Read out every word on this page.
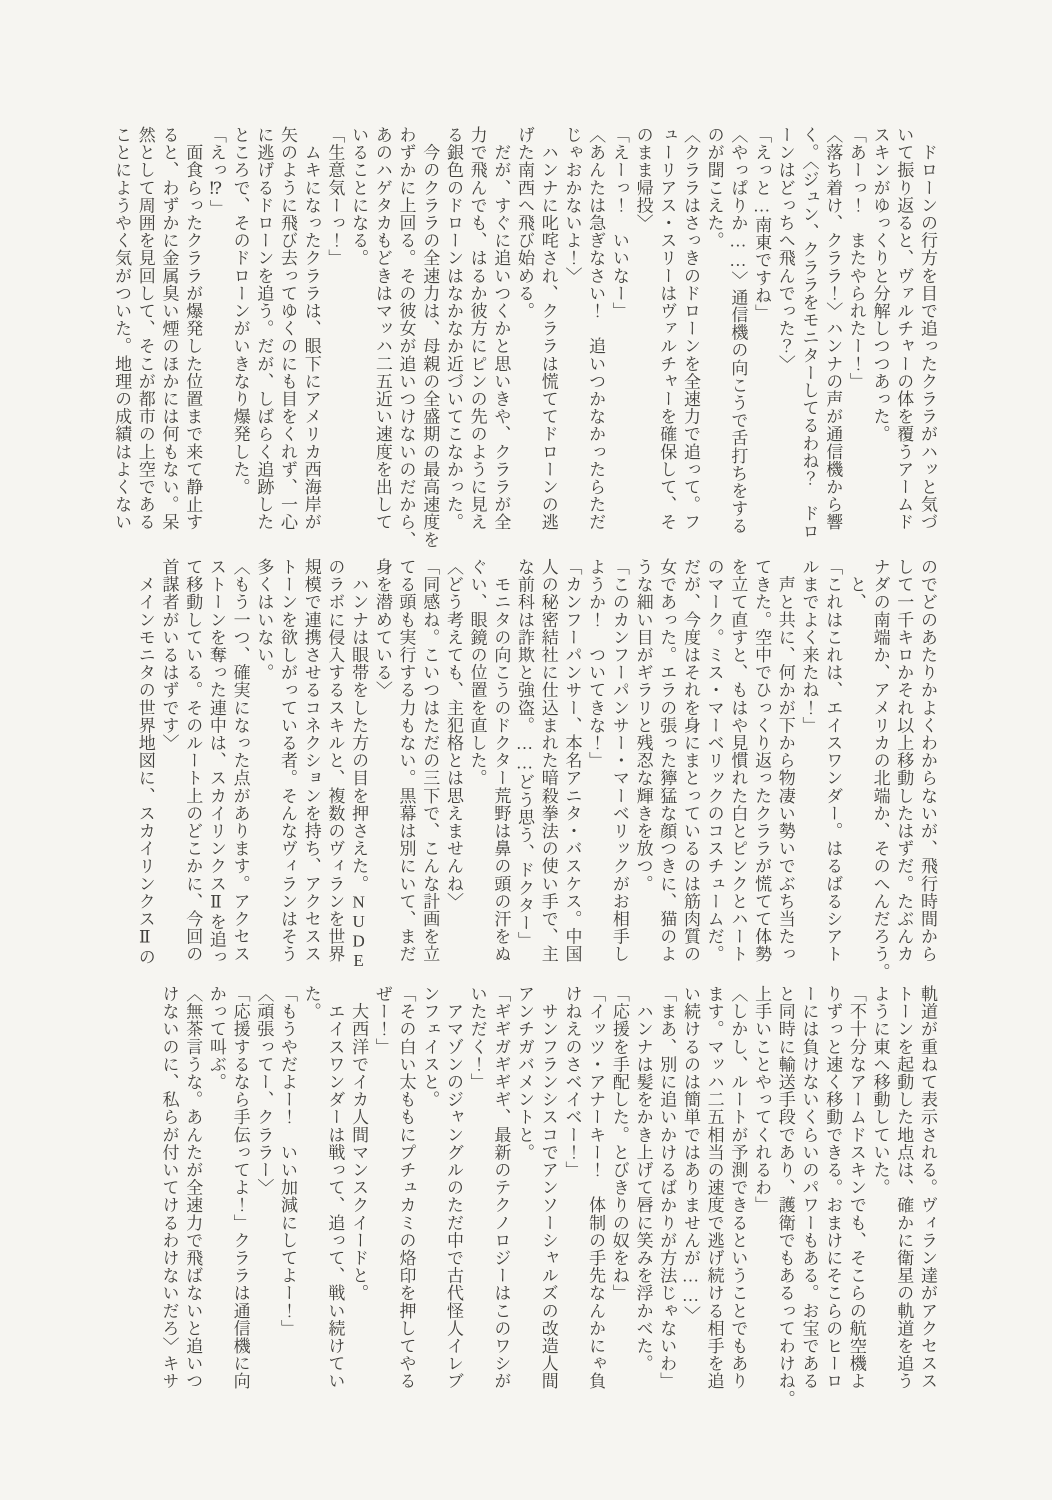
　ドローンの行方を目で追ったクララがハッと気づ

いて振り返ると、ヴァルチャーの体を覆うアームド

スキンがゆっくりと分解しつつあった。

「あーっ！　またやられたー！」

〈落ち着け、クララ！〉ハンナの声が通信機から響

く。〈ジュン、クララをモニターしてるわね？　ドロ

ーンはどっちへ飛んでった？〉

「えっと…南東ですね」

〈やっぱりか……〉通信機の向こうで舌打ちをする

のが聞こえた。

〈クララはさっきのドローンを全速力で追って。フ

ューリアス・スリーはヴァルチャーを確保して、そ

のまま帰投〉

「えーっ！　いいなー」

〈あんたは急ぎなさい！　追いつかなかったらただ

じゃおかないよ！〉

　ハンナに叱咤され、クララは慌ててドローンの逃

げた南西へ飛び始める。

　だが、すぐに追いつくかと思いきや、クララが全

力で飛んでも、はるか彼方にピンの先のように見え

る銀色のドローンはなかなか近づいてこなかった。

　今のクララの全速力は、母親の全盛期の最高速度を

わずかに上回る。その彼女が追いつけないのだから、

あのハゲタカもどきはマッハ二五近い速度を出して

いることになる。

「生意気ーっ！」

　ムキになったクララは、眼下にアメリカ西海岸が

矢のように飛び去ってゆくのにも目をくれず、一心

に逃げるドローンを追う。だが、しばらく追跡した

ところで、そのドローンがいきなり爆発した。

「えっ⁉」

　面食らったクララが爆発した位置まで来て静止す

ると、わずかに金属臭い煙のほかには何もない。呆

然として周囲を見回して、そこが都市の上空である

ことにようやく気がついた。地理の成績はよくない

のでどのあたりかよくわからないが、飛行時間から

して一千キロかそれ以上移動したはずだ。たぶんカ

ナダの南端か、アメリカの北端か、そのへんだろう。

　と、

「これはこれは、エイスワンダー。はるばるシアト

ルまでよく来たね！」

　声と共に、何かが下から物凄い勢いでぶち当たっ

てきた。空中でひっくり返ったクララが慌てて体勢

を立て直すと、もはや見慣れた白とピンクとハート

のマーク。ミス・マーベリックのコスチュームだ。

だが、今度はそれを身にまとっているのは筋肉質の

女であった。エラの張った獰猛な顔つきに、猫のよ

うな細い目がギラリと残忍な輝きを放つ。

「このカンフーパンサー・マーベリックがお相手し

ようか！　ついてきな！」

「カンフーパンサー、本名アニタ・バスケス。中国

人の秘密結社に仕込まれた暗殺拳法の使い手で、主

な前科は詐欺と強盗。……どう思う、ドクター」

　モニタの向こうのドクター荒野は鼻の頭の汗をぬ

ぐい、眼鏡の位置を直した。

〈どう考えても、主犯格とは思えませんね〉

「同感ね。こいつはただの三下で、こんな計画を立

てる頭も実行する力もない。黒幕は別にいて、まだ

身を潜めている〉

　ハンナは眼帯をした方の目を押さえた。NUDE

のラボに侵入するスキルと、複数のヴィランを世界

規模で連携させるコネクションを持ち、アクセスス

トーンを欲しがっている者。そんなヴィランはそう

多くはいない。

〈もう一つ、確実になった点があります。アクセス

ストーンを奪った連中は、スカイリンクスⅡを追っ

て移動している。そのルート上のどこかに、今回の

首謀者がいるはずです〉

　メインモニタの世界地図に、スカイリンクスⅡの

軌道が重ねて表示される。ヴィラン達がアクセスス

トーンを起動した地点は、確かに衛星の軌道を追う

ように東へ移動していた。

「不十分なアームドスキンでも、そこらの航空機よ

りずっと速く移動できる。おまけにそこらのヒーロ

ーには負けないくらいのパワーもある。お宝である

と同時に輸送手段であり、護衛でもあるってわけね。

上手いことやってくれるわ」

〈しかし、ルートが予測できるということでもあり

ます。マッハ二五相当の速度で逃げ続ける相手を追

い続けるのは簡単ではありませんが……〉

「まあ、別に追いかけるばかりが方法じゃないわ」

　ハンナは髪をかき上げて唇に笑みを浮かべた。

「応援を手配した。とびきりの奴をね」

「イッツ・アナーキー！　体制の手先なんかにゃ負

けねえのさベイベー！」

　サンフランシスコでアンソーシャルズの改造人間

アンチガバメントと。

「ギギガギギギ、最新のテクノロジーはこのワシが

いただく！」

　アマゾンのジャングルのただ中で古代怪人イレブ

ンフェイスと。

「その白い太ももにプチュカミの烙印を押してやる

ぜー！」

　大西洋でイカ人間マンスクイードと。

　エイスワンダーは戦って、追って、戦い続けてい

た。

「もうやだよー！　いい加減にしてよー！」

〈頑張ってー、クララー〉

「応援するなら手伝ってよ！」クララは通信機に向

かって叫ぶ。

〈無茶言うな。あんたが全速力で飛ばないと追いつ

けないのに、私らが付いてけるわけないだろ〉キサ
